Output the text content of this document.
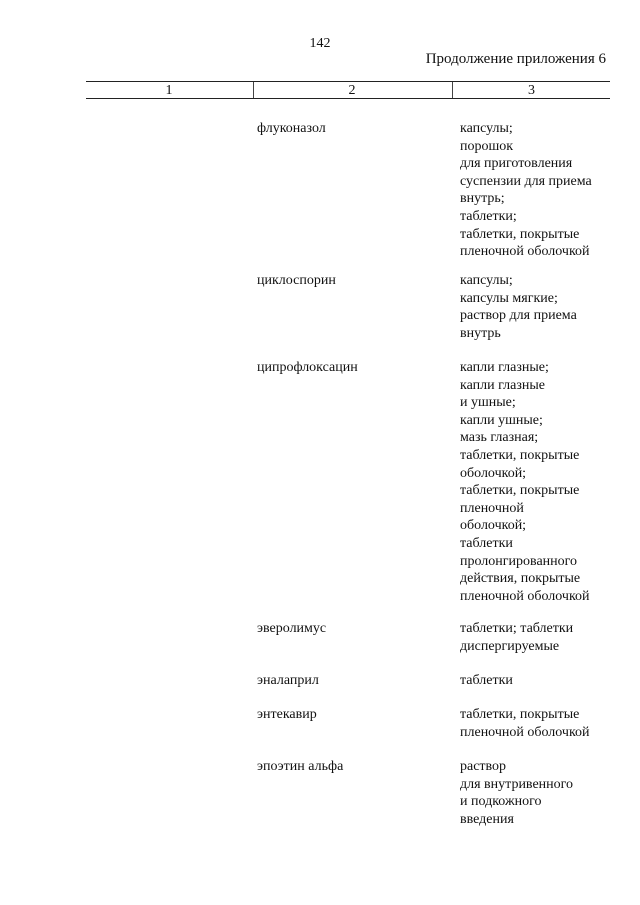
142
Продолжение приложения 6
1	2	3
флуконазол	капсулы;
порошок
для приготовления
суспензии для приема
внутрь;
таблетки;
таблетки, покрытые
пленочной оболочкой
циклоспорин	капсулы;
капсулы мягкие;
раствор для приема
внутрь
ципрофлоксацин	капли глазные;
капли глазные
и ушные;
капли ушные;
мазь глазная;
таблетки, покрытые
оболочкой;
таблетки, покрытые
пленочной
оболочкой;
таблетки
пролонгированного
действия, покрытые
пленочной оболочкой
эверолимус	таблетки; таблетки
диспергируемые
эналаприл	таблетки
энтекавир	таблетки, покрытые
пленочной оболочкой
эпоэтин альфа	раствор
для внутривенного
и подкожного
введения
